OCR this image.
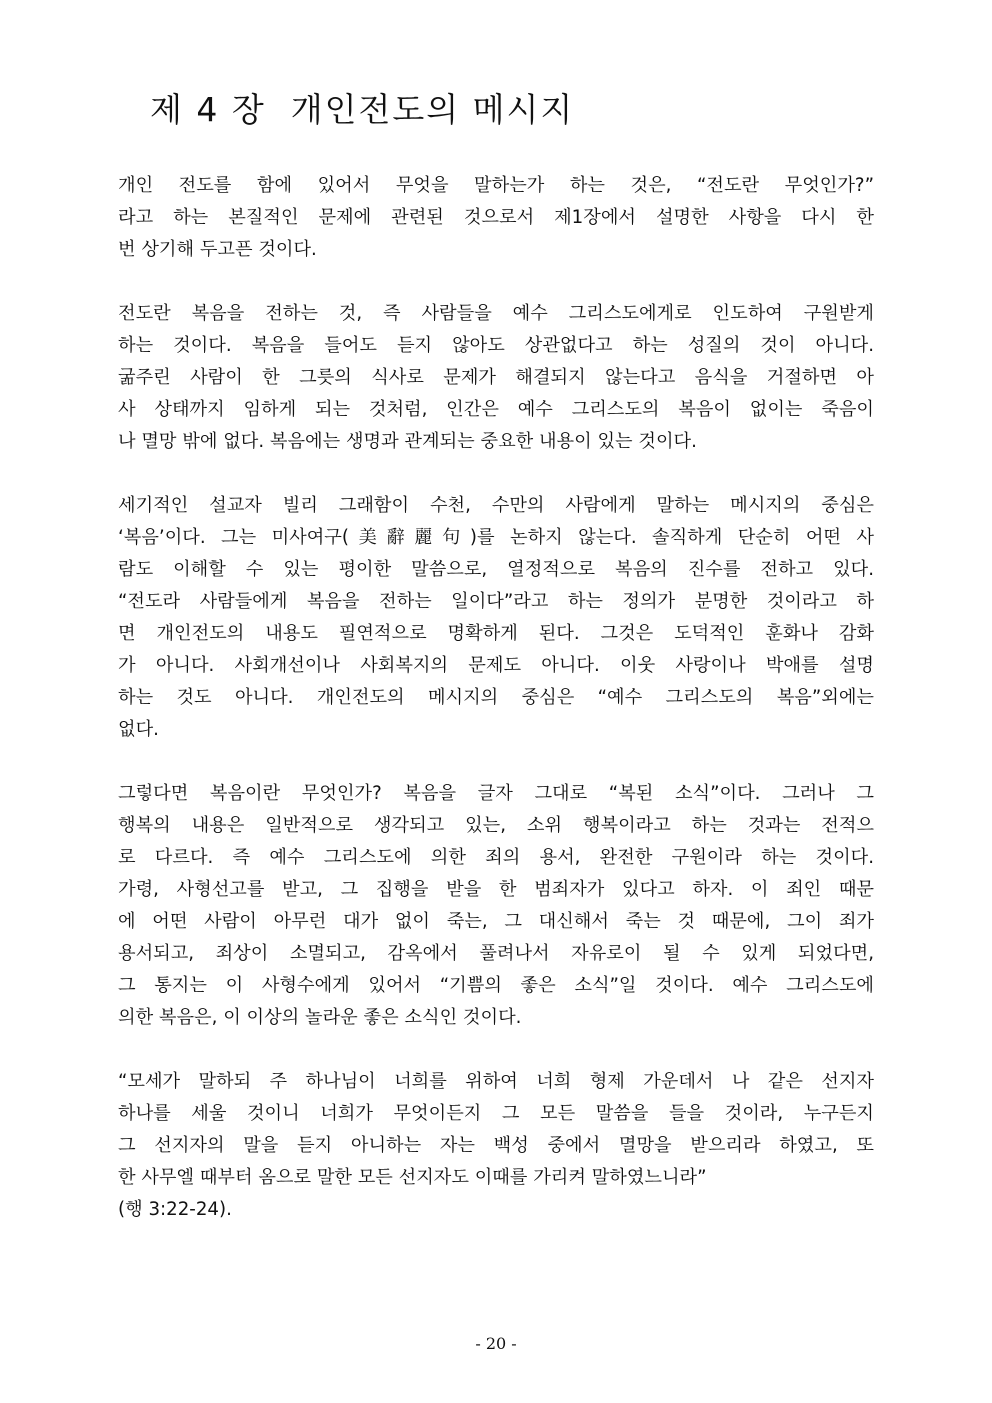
제 4 장  개인전도의 메시지
개인 전도를 함에 있어서 무엇을 말하는가 하는 것은, “전도란 무엇인가?”
라고 하는 본질적인 문제에 관련된 것으로서 제1장에서 설명한 사항을 다시 한
번 상기해 두고픈 것이다.
전도란 복음을 전하는 것, 즉 사람들을 예수 그리스도에게로 인도하여 구원받게
하는 것이다. 복음을 들어도 듣지 않아도 상관없다고 하는 성질의 것이 아니다.
굶주린 사람이 한 그릇의 식사로 문제가 해결되지 않는다고 음식을 거절하면 아
사 상태까지 임하게 되는 것처럼, 인간은 예수 그리스도의 복음이 없이는 죽음이
나 멸망 밖에 없다. 복음에는 생명과 관계되는 중요한 내용이 있는 것이다.
세기적인 설교자 빌리 그래함이 수천, 수만의 사람에게 말하는 메시지의 중심은
‘복음’이다. 그는 미사여구(美辭麗句)를 논하지 않는다. 솔직하게 단순히 어떤 사
람도 이해할 수 있는 평이한 말씀으로, 열정적으로 복음의 진수를 전하고 있다.
“전도라 사람들에게 복음을 전하는 일이다”라고 하는 정의가 분명한 것이라고 하
면 개인전도의 내용도 필연적으로 명확하게 된다. 그것은 도덕적인 훈화나 감화
가 아니다. 사회개선이나 사회복지의 문제도 아니다. 이웃 사랑이나 박애를 설명
하는 것도 아니다. 개인전도의 메시지의 중심은 “예수 그리스도의 복음”외에는
없다.
그렇다면 복음이란 무엇인가? 복음을 글자 그대로 “복된 소식”이다. 그러나 그
행복의 내용은 일반적으로 생각되고 있는, 소위 행복이라고 하는 것과는 전적으
로 다르다. 즉 예수 그리스도에 의한 죄의 용서, 완전한 구원이라 하는 것이다.
가령, 사형선고를 받고, 그 집행을 받을 한 범죄자가 있다고 하자. 이 죄인 때문
에 어떤 사람이 아무런 대가 없이 죽는, 그 대신해서 죽는 것 때문에, 그이 죄가
용서되고, 죄상이 소멸되고, 감옥에서 풀려나서 자유로이 될 수 있게 되었다면,
그 통지는 이 사형수에게 있어서 “기쁨의 좋은 소식”일 것이다. 예수 그리스도에
의한 복음은, 이 이상의 놀라운 좋은 소식인 것이다.
“모세가 말하되 주 하나님이 너희를 위하여 너희 형제 가운데서 나 같은 선지자
하나를 세울 것이니 너희가 무엇이든지 그 모든 말씀을 들을 것이라, 누구든지
그 선지자의 말을 듣지 아니하는 자는 백성 중에서 멸망을 받으리라 하였고, 또
한 사무엘 때부터 옴으로 말한 모든 선지자도 이때를 가리켜 말하였느니라”
(행 3:22-24).
- 20 -
